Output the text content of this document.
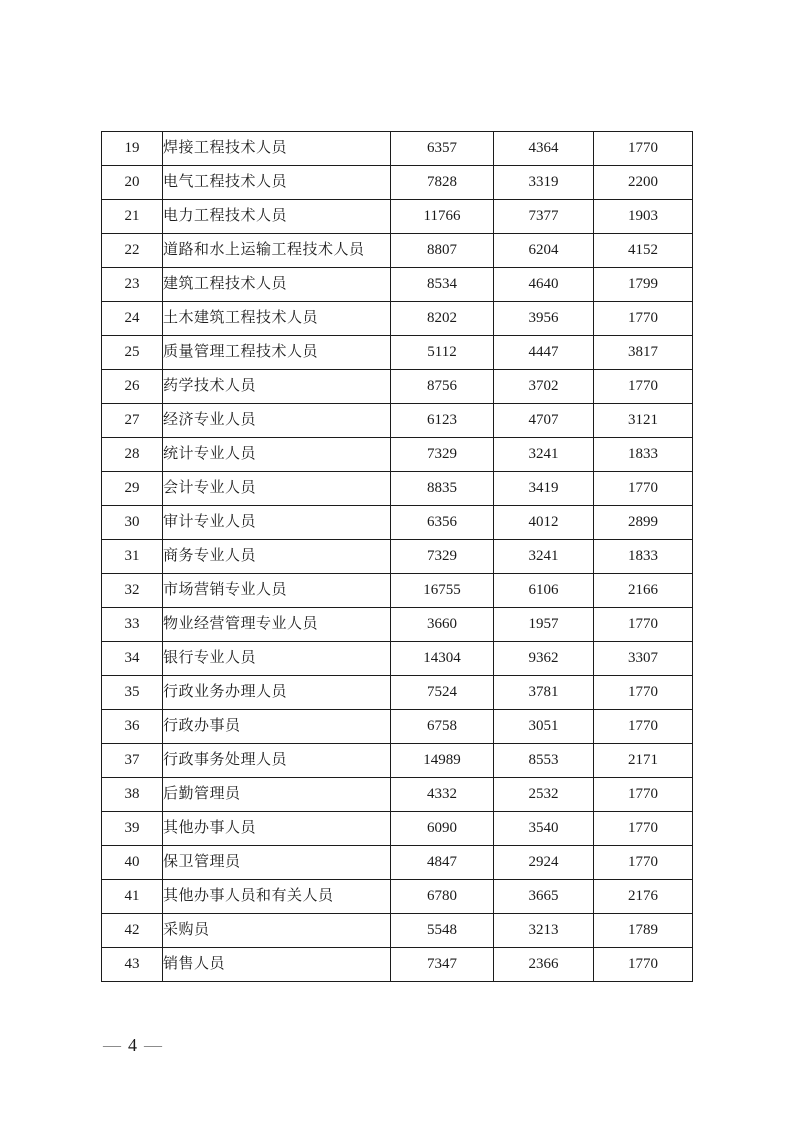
19	焊接工程技术人员	6357	4364	1770
20	电气工程技术人员	7828	3319	2200
21	电力工程技术人员	11766	7377	1903
22	道路和水上运输工程技术人员	8807	6204	4152
23	建筑工程技术人员	8534	4640	1799
24	土木建筑工程技术人员	8202	3956	1770
25	质量管理工程技术人员	5112	4447	3817
26	药学技术人员	8756	3702	1770
27	经济专业人员	6123	4707	3121
28	统计专业人员	7329	3241	1833
29	会计专业人员	8835	3419	1770
30	审计专业人员	6356	4012	2899
31	商务专业人员	7329	3241	1833
32	市场营销专业人员	16755	6106	2166
33	物业经营管理专业人员	3660	1957	1770
34	银行专业人员	14304	9362	3307
35	行政业务办理人员	7524	3781	1770
36	行政办事员	6758	3051	1770
37	行政事务处理人员	14989	8553	2171
38	后勤管理员	4332	2532	1770
39	其他办事人员	6090	3540	1770
40	保卫管理员	4847	2924	1770
41	其他办事人员和有关人员	6780	3665	2176
42	采购员	5548	3213	1789
43	销售人员	7347	2366	1770
— 4 —
